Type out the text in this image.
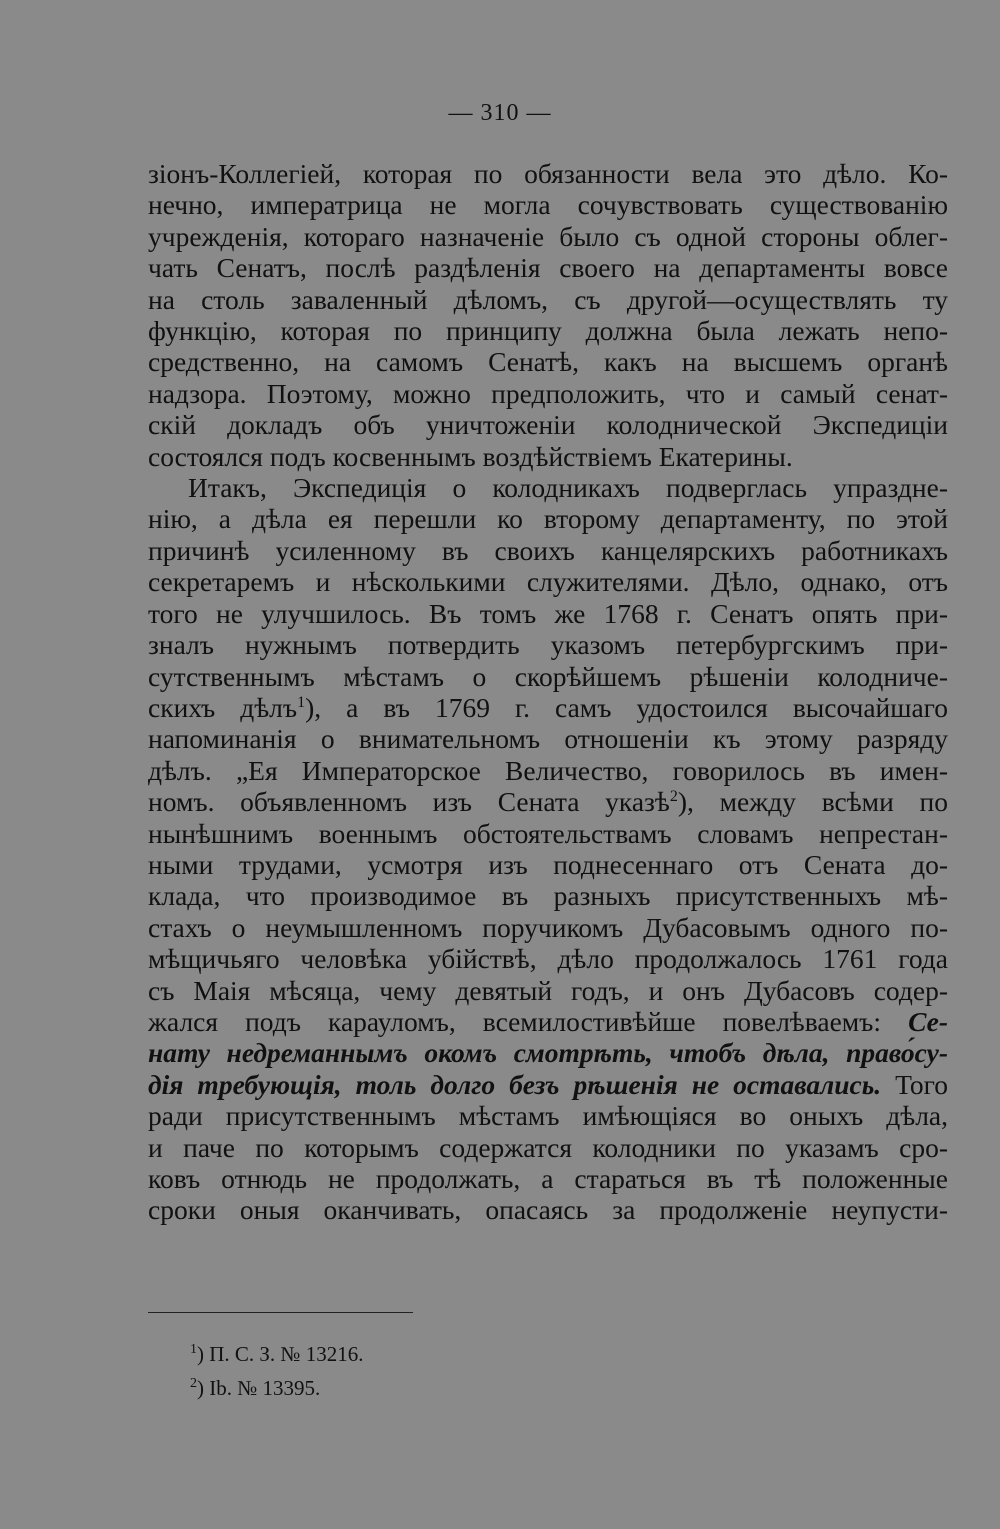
— 310 —
зiонъ-Коллегiей, которая по обязанности вела это дѣло. Ко-
нечно, императрица не могла сочувствовать существованiю
учрежденiя, котораго назначенiе было съ одной стороны облег-
чать Сенатъ, послѣ раздѣленiя своего на департаменты вовсе
на столь заваленный дѣломъ, съ другой—осуществлять ту
функцiю, которая по принципу должна была лежать непо-
средственно, на самомъ Сенатѣ, какъ на высшемъ органѣ
надзора. Поэтому, можно предположить, что и самый сенат-
скiй докладъ объ уничтоженiи колоднической Экспедицiи
состоялся подъ косвеннымъ воздѣйствiемъ Екатерины.
Итакъ, Экспедицiя о колодникахъ подверглась упраздне-
нiю, а дѣла ея перешли ко второму департаменту, по этой
причинѣ усиленному въ своихъ канцелярскихъ работникахъ
секретаремъ и нѣсколькими служителями. Дѣло, однако, отъ
того не улучшилось. Въ томъ же 1768 г. Сенатъ опять при-
зналъ нужнымъ потвердить указомъ петербургскимъ при-
сутственнымъ мѣстамъ о скорѣйшемъ рѣшенiи колодниче-
скихъ дѣлъ$^1$), а въ 1769 г. самъ удостоился высочайшаго
напоминанiя о внимательномъ отношенiи къ этому разряду
дѣлъ. „Ея Императорское Величество, говорилось въ имен-
номъ. объявленномъ изъ Сената указѣ$^2$), между всѣми по
нынѣшнимъ военнымъ обстоятельствамъ словамъ непрестан-
ными трудами, усмотря изъ поднесеннаго отъ Сената до-
клада, что производимое въ разныхъ присутственныхъ мѣ-
стахъ о неумышленномъ поручикомъ Дубасовымъ одного по-
мѣщичьяго человѣка убiйствѣ, дѣло продолжалось 1761 года
съ Маiя мѣсяца, чему девятый годъ, и онъ Дубасовъ содер-
жался подъ карауломъ, всемилостивѣйше повелѣваемъ: Се-
нату недреманнымъ окомъ смотрѣть, чтобъ дѣла, право́су-
дiя требующiя, толь долго безъ рѣшенiя не оставались. Того
ради присутственнымъ мѣстамъ имѣющiяся во оныхъ дѣла,
и паче по которымъ содержатся колодники по указамъ сро-
ковъ отнюдь не продолжать, а стараться въ тѣ положенные
сроки оныя оканчивать, опасаясь за продолженiе неупусти-
$^1$) П. С. З. № 13216.
$^2$) Ib. № 13395.
